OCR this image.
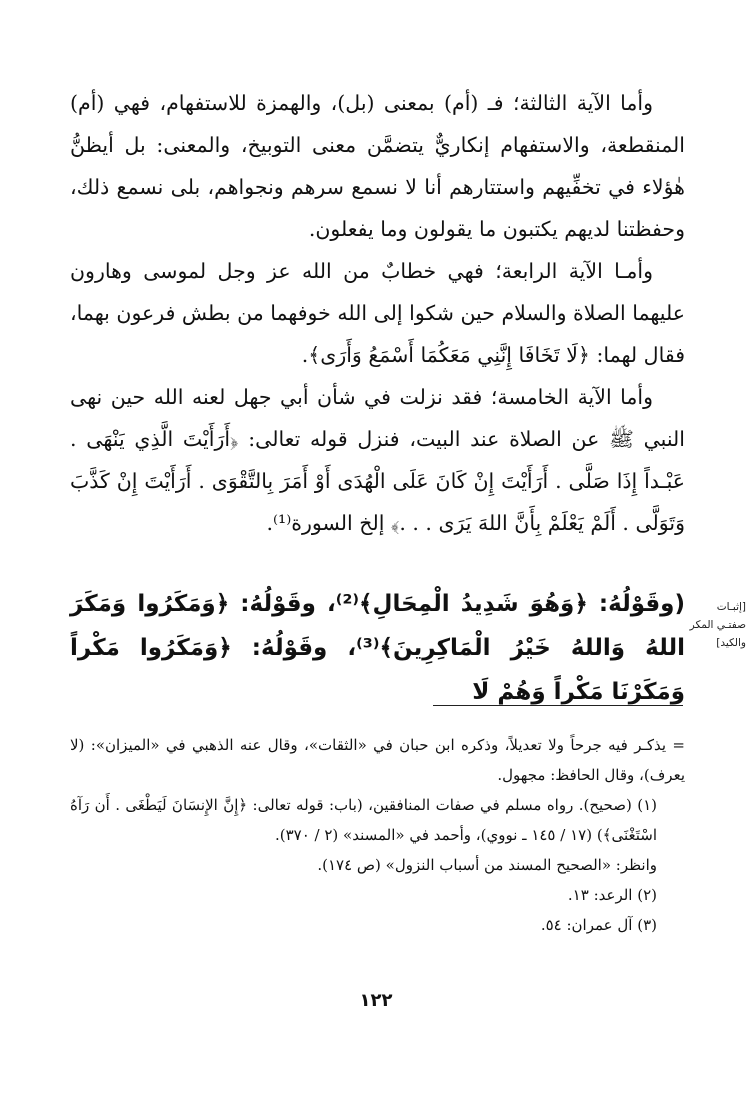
وأما الآية الثالثة؛ فـ (أم) بمعنى (بل)، والهمزة للاستفهام، فهي (أم) المنقطعة، والاستفهام إنكاريٌّ يتضمَّن معنى التوبيخ، والمعنى: بل أيظنُّ هٰؤلاء في تخفِّيهم واستتارهم أنا لا نسمع سرهم ونجواهم، بلى نسمع ذلك، وحفظتنا لديهم يكتبون ما يقولون وما يفعلون.

وأمـا الآية الرابعة؛ فهي خطابٌ من الله عز وجل لموسى وهارون عليهما الصلاة والسلام حين شكوا إلى الله خوفهما من بطش فرعون بهما، فقال لهما: ﴿لَا تَخَافَا إِنَّنِي مَعَكُمَا أَسْمَعُ وَأَرَى﴾.

وأما الآية الخامسة؛ فقد نزلت في شأن أبي جهل لعنه الله حين نهى النبي ﷺ عن الصلاة عند البيت، فنزل قوله تعالى: ﴿أَرَأَيْتَ الَّذِي يَنْهَى . عَبْـداً إِذَا صَلَّى . أَرَأَيْتَ إِنْ كَانَ عَلَى الْهُدَى أَوْ أَمَرَ بِالتَّقْوَى . أَرَأَيْتَ إِنْ كَذَّبَ وَتَوَلَّى . أَلَمْ يَعْلَمْ بِأَنَّ اللهَ يَرَى . . .﴾ إلخ السورة⁽¹⁾.

[إثبـات صفتـي المكر والكيد]

(وقَوْلُهُ: ﴿وَهُوَ شَدِيدُ الْمِحَالِ﴾⁽²⁾، وقَوْلُهُ: ﴿وَمَكَرُوا وَمَكَرَ اللهُ وَاللهُ خَيْرُ الْمَاكِرِينَ﴾⁽³⁾، وقَوْلُهُ: ﴿وَمَكَرُوا مَكْراً وَمَكَرْنَا مَكْراً وَهُمْ لَا

= يذكـر فيه جرحاً ولا تعديلاً، وذكره ابن حبان في «الثقات»، وقال عنه الذهبي في «الميزان»: (لا يعرف)، وقال الحافظ: مجهول.

(١) (صحيح). رواه مسلم في صفات المنافقين، (باب: قوله تعالى: ﴿إِنَّ الإِنسَانَ لَيَطْغَى . أَن رَآهُ اسْتَغْنَى﴾) (١٧ / ١٤٥ ـ نووي)، وأحمد في «المسند» (٢ / ٣٧٠).

وانظر: «الصحيح المسند من أسباب النزول» (ص ١٧٤).

(٢) الرعد: ١٣.

(٣) آل عمران: ٥٤.

١٢٢
